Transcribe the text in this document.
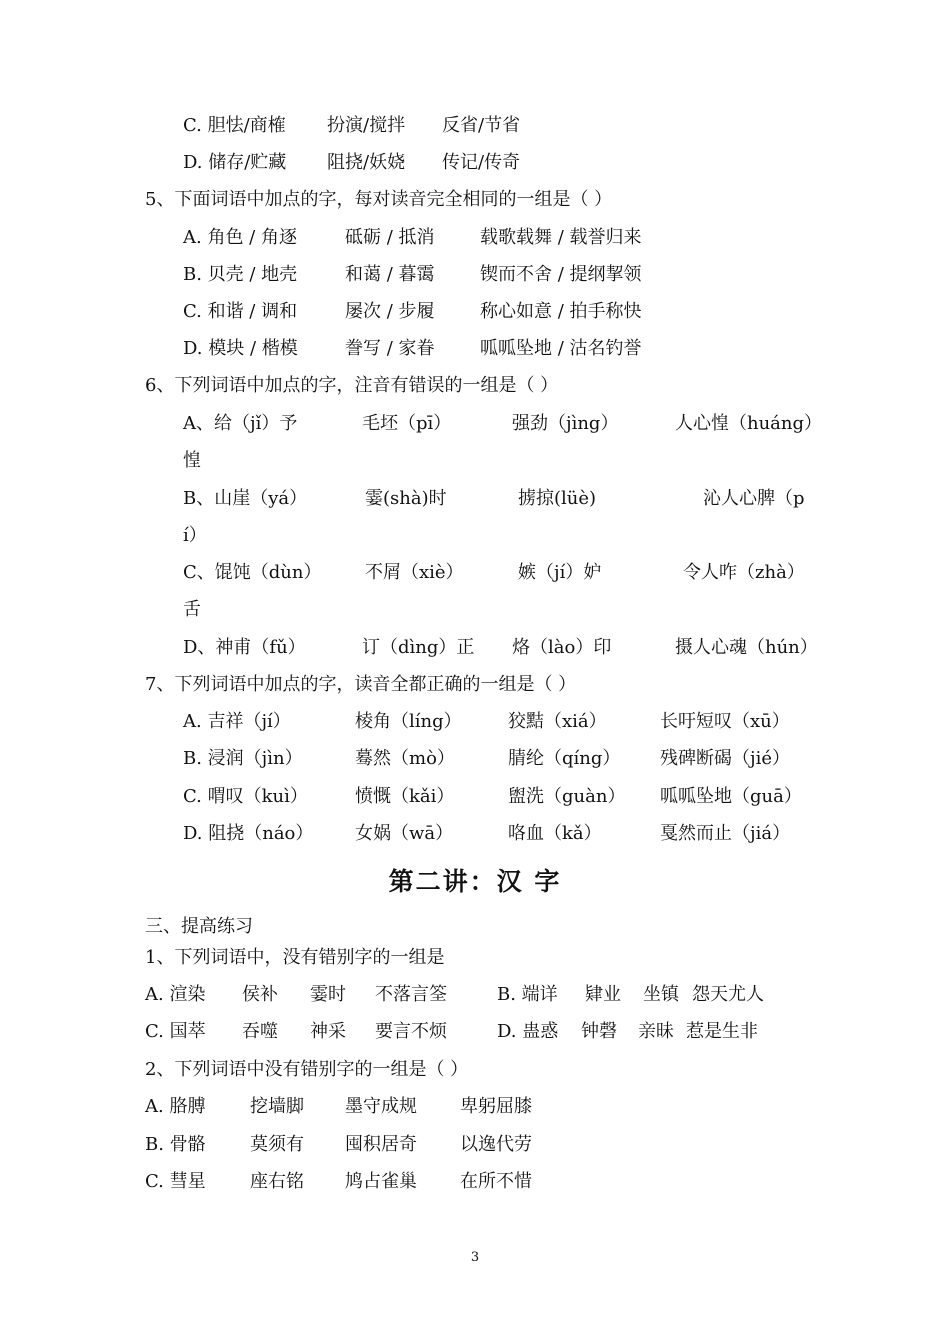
C. 胆怯/商榷 扮演/搅拌 反省/节省
D. 储存/贮藏 阻挠/妖娆 传记/传奇
5、下面词语中加点的字，每对读音完全相同的一组是（ ）
A. 角色 / 角逐	砥砺 / 抵消	载歌载舞 / 载誉归来
B. 贝壳 / 地壳	和蔼 / 暮霭	锲而不舍 / 提纲挈领
C. 和谐 / 调和	屡次 / 步履	称心如意 / 拍手称快
D. 模块 / 楷模	誊写 / 家眷	呱呱坠地 / 沽名钓誉
6、下列词语中加点的字，注音有错误的一组是（ ）
A、给（jǐ）予	毛坯（pī）	强劲（jìng）	人心惶（huáng）
惶
B、山崖（yá）	霎(shà)时	掳掠(lüè)	沁人心脾（p
í）
C、馄饨（dùn） 不屑（xiè）	嫉（jí）妒	令人咋（zhà）
舌
D、神甫（fǔ）	订（dìng）正 烙（lào）印	摄人心魂（hún）
7、下列词语中加点的字，读音全都正确的一组是（ ）
A. 吉祥（jí）	棱角（líng）	狡黠（xiá）	长吁短叹（xū）
B. 浸润（jìn）	蓦然（mò）	腈纶（qíng） 残碑断碣（jié）
C. 喟叹（kuì）	愤慨（kǎi）	盥洗（guàn） 呱呱坠地（guā）
D. 阻挠（náo） 女娲（wā）	咯血（kǎ）	戛然而止（jiá）
第二讲：汉 字
三、提高练习
1、下列词语中，没有错别字的一组是
A. 渲染 侯补 霎时 不落言筌	B. 端详 肄业 坐镇 怨天尤人
C. 国萃 吞噬 神采 要言不烦	D. 蛊惑 钟磬 亲昧 惹是生非
2、下列词语中没有错别字的一组是（ ）
A. 胳膊 挖墙脚 墨守成规 卑躬屈膝
B. 骨骼 莫须有 囤积居奇 以逸代劳
C. 彗星 座右铭 鸠占雀巢 在所不惜
3
